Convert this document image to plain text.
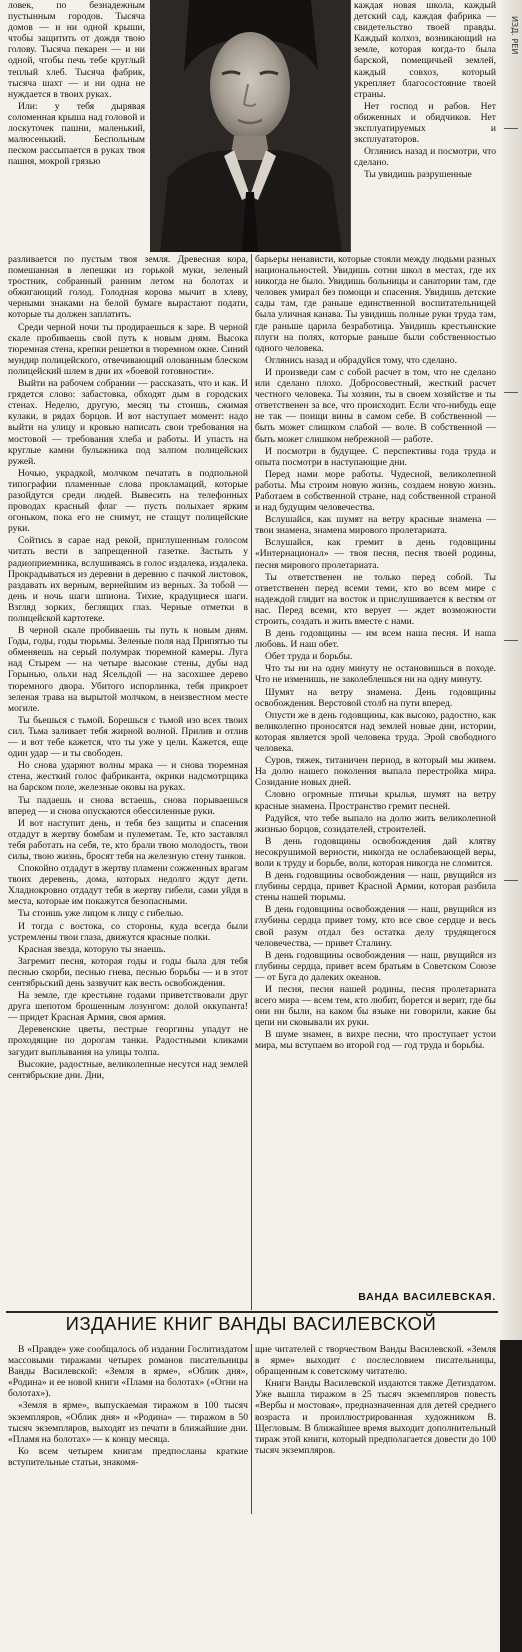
ловек, по безнадежным пустынным городов. Тысяча домов — и ни одной крыши, чтобы защитить от дождя твою голову. Тысяча пекарен — и ни одной, чтобы печь тебе круглый теплый хлеб. Тысяча фабрик, тысяча шахт — и ни одна не нуждается в твоих руках.

Или: у тебя дырявая соломенная крыша над головой и лоскуточек пашни, маленький, малюсенький. Беспольным песком рассыпается в руках твоя пашня, мокрой грязью

каждая новая школа, каждый детский сад, каждая фабрика — свидетельство твоей правды. Каждый колхоз, возникающий на земле, которая когда-то была барской, помещичьей землей, каждый совхоз, который укрепляет благосостояние твоей страны.

Нет господ и рабов. Нет обиженных и обидчиков. Нет эксплуатируемых и эксплуататоров.

Оглянись назад и посмотри, что сделано.

Ты увидишь разрушенные

разливается по пустым твоя земля. Древесная кора, помешанная в лепешки из горькой муки, зеленый тростник, собранный ранним летом на болотах и обжигающий голод. Голодная корова мычит в хлеву, черными знаками на белой бумаге вырастают подати, которые ты должен заплатить.

Среди черной ночи ты продираешься к заре. В черной скале пробиваешь свой путь к новым дням. Высока тюремная стена, крепки решетки в тюремном окне. Синий мундир полицейского, отвечивающий олованным блеском полицейский шлем в дни их «боевой готовности».

Выйти на рабочем собрании — рассказать, что и как. И грядется слово: забастовка, обходят дым в городских стенах. Неделю, другую, месяц ты стоишь, сжимая кулаки, в рядах борцов. И вот наступает момент: надо выйти на улицу и кровью написать свои требования на мостовой — требования хлеба и работы. И упасть на круглые камни булыжника под залпом полицейских ружей.

Ночью, украдкой, молчком печатать в подпольной типографии пламенные слова прокламаций, которые разойдутся среди людей. Вывесить на телефонных проводах красный флаг — пусть полыхает ярким огоньком, пока его не снимут, не стащут полицейские руки.

Сойтись в сарае над рекой, приглушенным голосом читать вести в запрещенной газетке. Застыть у радиоприемника, вслушиваясь в голос издалека, издалека. Прокрадываться из деревни в деревню с пачкой листовок, раздавать их верным, вернейшим из верных. За тобой — день и ночь шаги шпиона. Тихие, крадущиеся шаги. Взгляд зорких, беглящих глаз. Черные отметки в полицейской картотеке.

В черной скале пробиваешь ты путь к новым дням. Годы, годы, годы тюрьмы. Зеленые поля над Припятью ты обменяешь на серый полумрак тюремной камеры. Луга над Стырем — на четыре высокие стены, дубы над Горынью, ольхи над Ясельдой — на засохшее дерево тюремного двора. Убитого испорлинка, тебя прикроет зеленая трава на вырытой молчком, в неизвестном месте могиле.

Ты бьешься с тьмой. Борешься с тьмой изо всех твоих сил. Тьма заливает тебя жирной волной. Прилив и отлив — и вот тебе кажется, что ты уже у цели. Кажется, еще один удар — и ты свободен.

Но снова ударяют волны мрака — и снова тюремная стена, жесткий голос фабриканта, окрики надсмотрщика на барском поле, железные оковы на руках.

Ты падаешь и снова встаешь, снова порываешься вперед — и снова опускаются обессиленные руки.

И вот наступит день, и тебя без защиты и спасения отдадут в жертву бомбам и пулеметам. Те, кто заставлял тебя работать на себя, те, кто брали твою молодость, твои силы, твою жизнь, бросят тебя на железную стену танков.

Спокойно отдадут в жертву пламени сожженных врагам твоих деревень, дома, которых недолго ждут дети. Хладнокровно отдадут тебя в жертву гибели, сами уйдя в места, которые им покажутся безопасными.

Ты стоишь уже лицом к лицу с гибелью.

И тогда с востока, со стороны, куда всегда были устремлены твои глаза, движутся красные полки.

Красная звезда, которую ты знаешь.

Загремит песня, которая годы и годы была для тебя песнью скорби, песнью гнева, песнью борьбы — и в этот сентябрьский день зазвучит как весть освобождения.

На земле, где крестьяне годами приветствовали друг друга шепотом брошенным лозунгом: долой оккупанта! — придет Красная Армия, своя армия.

Деревенские цветы, пестрые георгины упадут не проходящие по дорогам танки. Радостными кликами загудит выплывания на улицы толпа.

Высокие, радостные, великолепные несутся над землей сентябрьские дни. Дни,

барьеры ненависти, которые стояли между людьми разных национальностей. Увидишь сотни школ в местах, где их никогда не было. Увидишь больницы и санатории там, где человек умирал без помощи и спасения. Увидишь детские сады там, где раньше единственной воспитательницей была уличная канава. Ты увидишь полные руки труда там, где раньше царила безработица. Увидишь крестьянские плуги на полях, которые раньше были собственностью одного человека.

Оглянись назад и обрадуйся тому, что сделано.

И произведи сам с собой расчет в том, что не сделано или сделано плохо. Добросовестный, жесткий расчет честного человека. Ты хозяин, ты в своем хозяйстве и ты ответственен за все, что происходит. Если что-нибудь еще не так — поищи вины в самом себе. В собственной — быть может слишком слабой — воле. В собственной — быть может слишком небрежной — работе.

И посмотри в будущее. С перспективы года труда и опыта посмотри в наступающие дни.

Перед нами море работы. Чудесной, великолепной работы. Мы строим новую жизнь, создаем новую жизнь. Работаем в собственной стране, над собственной страной и над будущим человечества.

Вслушайся, как шумят на ветру красные знамена — твои знамена, знамена мирового пролетариата.

Вслушайся, как гремит в день годовщины «Интернационал» — твоя песня, песня твоей родины, песня мирового пролетариата.

Ты ответственен не только перед собой. Ты ответственен перед всеми теми, кто во всем мире с надеждой глядит на восток и прислушивается к вестям от нас. Перед всеми, кто верует — ждет возможности строить, создать и жить вместе с нами.

В день годовщины — им всем наша песня. И наша любовь. И наш обет.

Обет труда и борьбы.

Что ты ни на одну минуту не остановишься в походе. Что не изменишь, не заколеблешься ни на одну минуту.

Шумят на ветру знамена. День годовщины освобождения. Верстовой столб на пути вперед.

Опусти же в день годовщины, как высоко, радостно, как великолепно проносятся над землей новые дни, истории, которая является эрой человека труда. Эрой свободного человека.

Суров, тяжек, титаничен период, в который мы живем. На долю нашего поколения выпала перестройка мира. Созидание новых дней.

Словно огромные птичьи крылья, шумят на ветру красные знамена. Пространство гремит песней.

Радуйся, что тебе выпало на долю жить великолепной жизнью борцов, созидателей, строителей.

В день годовщины освобождения дай клятву несокрушимой верности, никогда не ослабевающей веры, воли к труду и борьбе, воли, которая никогда не сломится.

В день годовщины освобождения — наш, рвущийся из глубины сердца, привет Красной Армии, которая разбила стены нашей тюрьмы.

В день годовщины освобождения — наш, рвущийся из глубины сердца привет тому, кто все свое сердце и весь свой разум отдал без остатка делу трудящегося человечества, — привет Сталину.

В день годовщины освобождения — наш, рвущийся из глубины сердца, привет всем братьям в Советском Союзе — от Буга до далеких океанов.

И песня, песня нашей родины, песня пролетариата всего мира — всем тем, кто любит, борется и верит, где бы они ни были, на каком бы языке ни говорили, какие бы цепи ни сковывали их руки.

В шуме знамен, в вихре песни, что проступает устои мира, мы вступаем во второй год — год труда и борьбы.

ВАНДА ВАСИЛЕВСКАЯ.
ИЗДАНИЕ КНИГ ВАНДЫ ВАСИЛЕВСКОЙ

В «Правде» уже сообщалось об издании Гослитиздатом массовыми тиражами четырех романов писательницы Ванды Василевской: «Земля в ярме», «Облик дня», «Родина» и ее новой книги «Пламя на болотах» («Огни на болотах»).

«Земля в ярме», выпускаемая тиражом в 100 тысяч экземпляров, «Облик дня» и «Родина» — тиражом в 50 тысяч экземпляров, выходят из печати в ближайшие дни. «Пламя на болотах» — к концу месяца.

Ко всем четырем книгам предпосланы краткие вступительные статьи, знакомя-

щие читателей с творчеством Ванды Василевской. «Земля в ярме» выходит с послесловием писательницы, обращенным к советскому читателю.

Книги Ванды Василевской издаются также Детиздатом. Уже вышла тиражом в 25 тысяч экземпляров повесть «Вербы и мостовая», предназначенная для детей среднего возраста и проиллюстрированная художником В. Щегловым. В ближайшее время выходит дополнительный тираж этой книги, который предполагается довести до 100 тысяч экземпляров.

ИЗД. РЕИ
